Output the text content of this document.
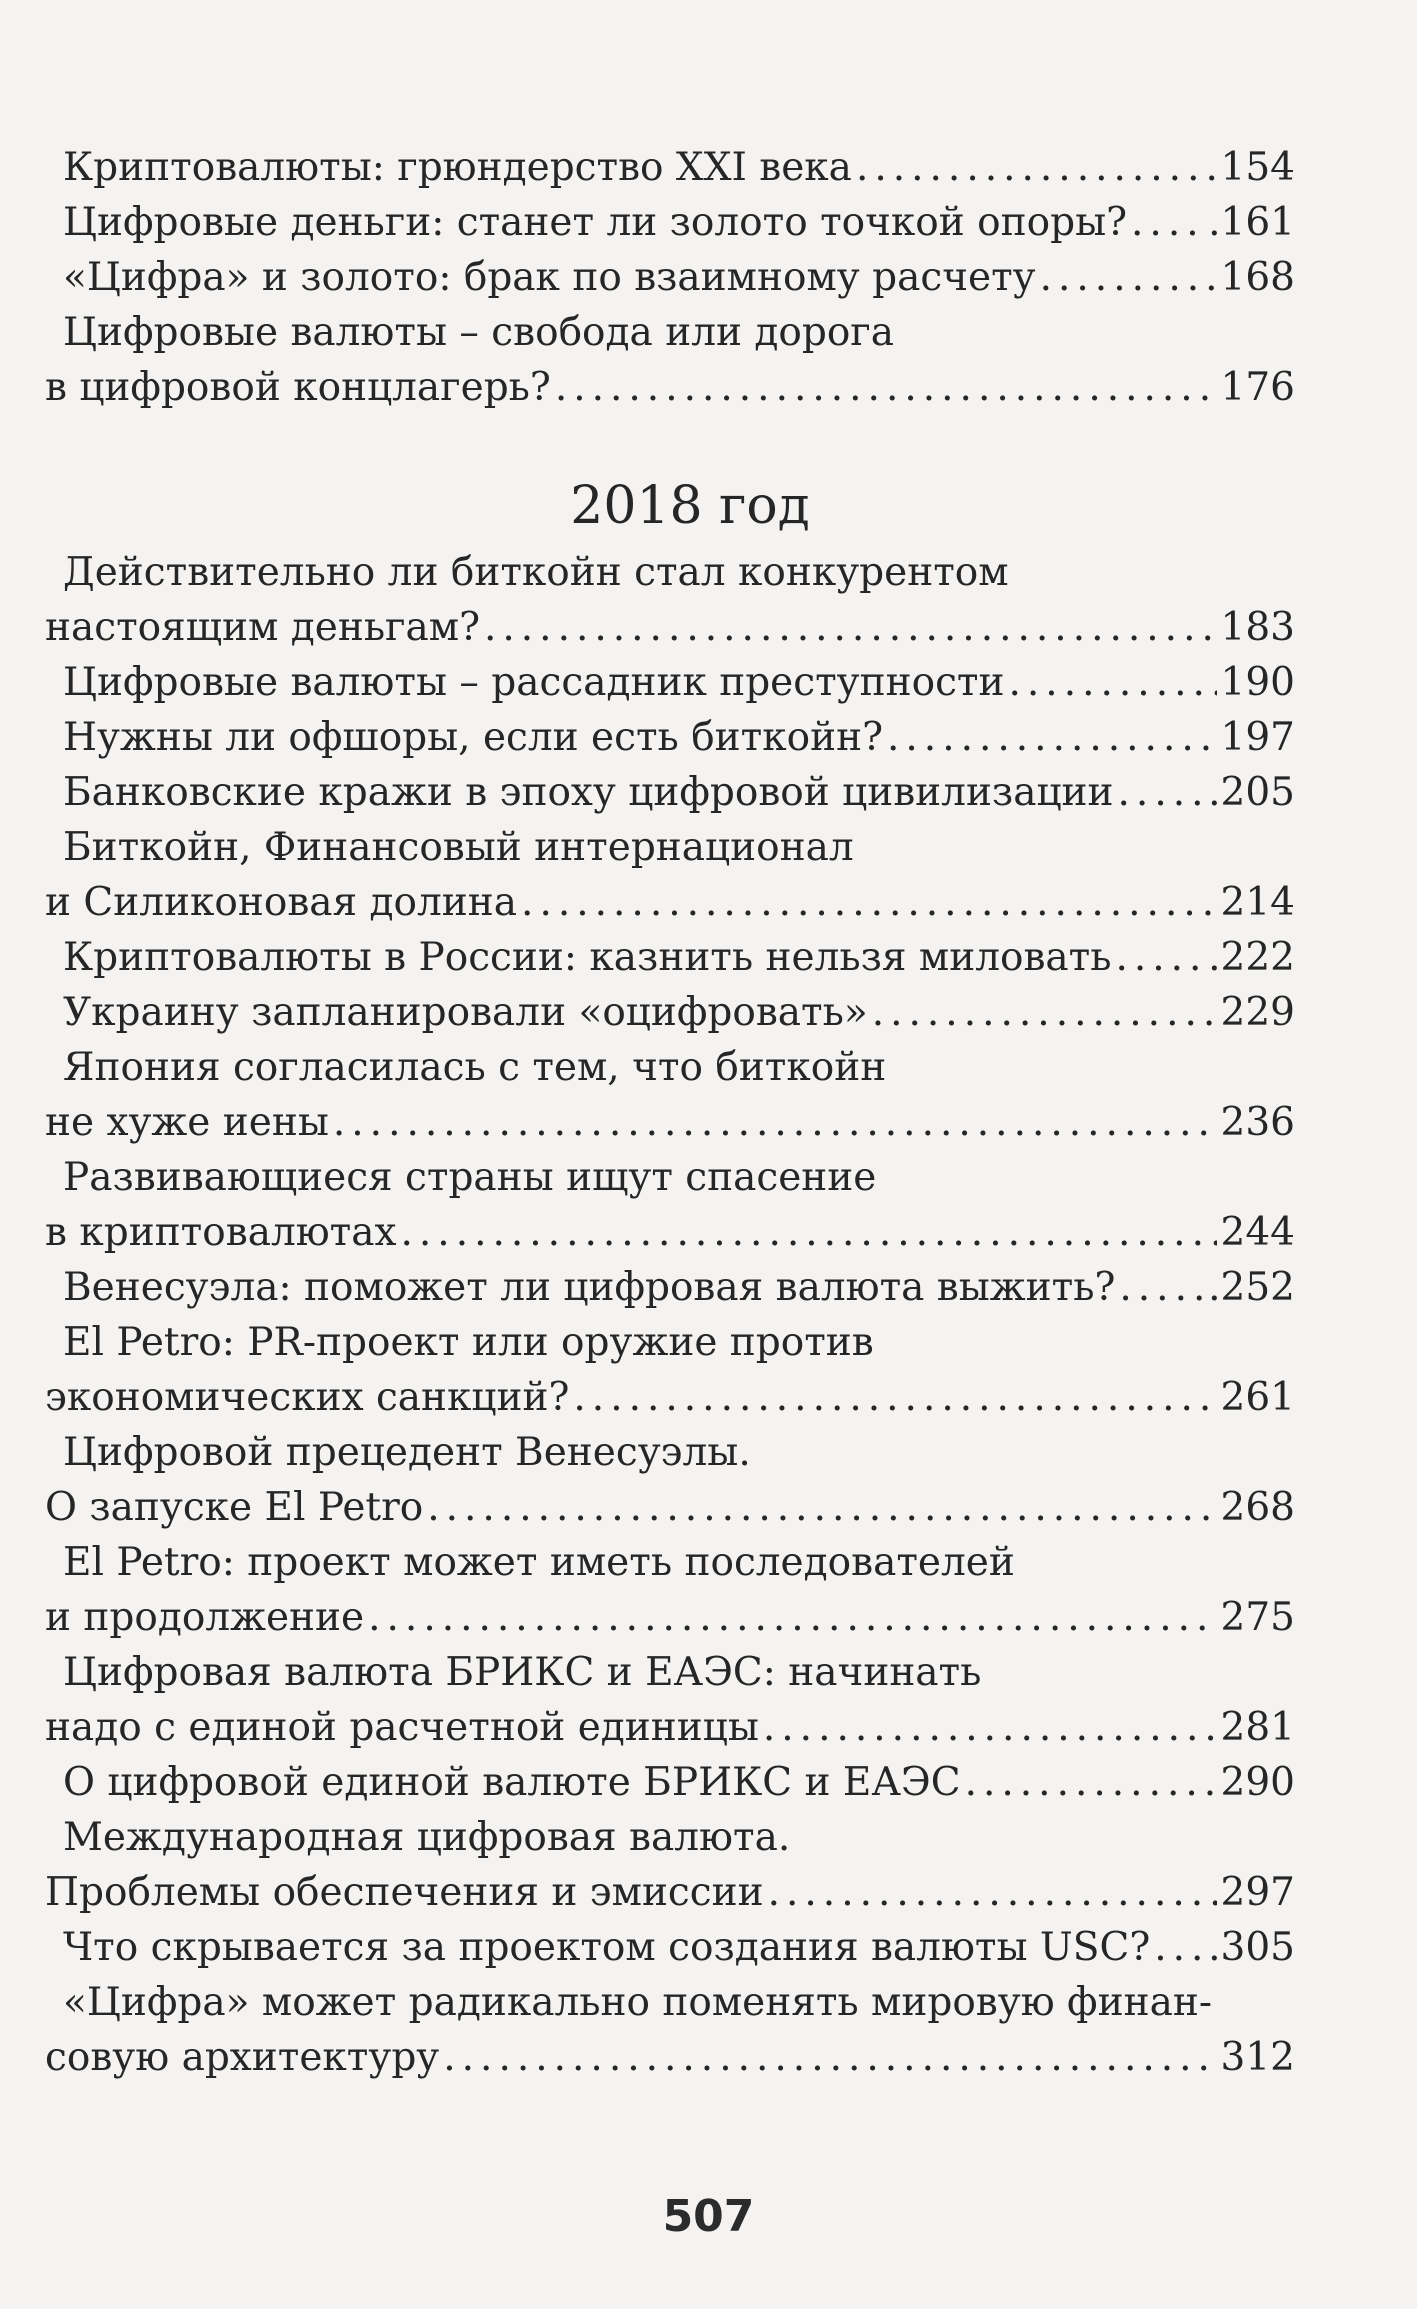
Криптовалюты: грюндерство XXI века .....	154
Цифровые деньги: станет ли золото точкой опоры? ..... .161
«Цифра» и золото: брак по взаимному расчету .....	168
Цифровые валюты – свобода или дорога
в цифровой концлагерь? .....	176
2018 год
Действительно ли биткойн стал конкурентом
настоящим деньгам? .....	183
Цифровые валюты – рассадник преступности .....	190
Нужны ли офшоры, если есть биткойн? .....	197
Банковские кражи в эпоху цифровой цивилизации ..... .205
Биткойн, Финансовый интернационал
и Силиконовая долина .....	214
Криптовалюты в России: казнить нельзя миловать ..... .222
Украину запланировали «оцифровать» .....	229
Япония согласилась с тем, что биткойн
не хуже иены .....	236
Развивающиеся страны ищут спасение
в криптовалютах .....	244
Венесуэла: поможет ли цифровая валюта выжить? ..... .252
El Petro: PR-проект или оружие против
экономических санкций? .....	261
Цифровой прецедент Венесуэлы.
О запуске El Petro .....	268
El Petro: проект может иметь последователей
и продолжение .....	275
Цифровая валюта БРИКС и ЕАЭС: начинать
надо с единой расчетной единицы .....	281
О цифровой единой валюте БРИКС и ЕАЭС .....	290
Международная цифровая валюта.
Проблемы обеспечения и эмиссии .....	297
Что скрывается за проектом создания валюты USC? ..... .305
«Цифра» может радикально поменять мировую финан-
совую архитектуру .....	312
507
